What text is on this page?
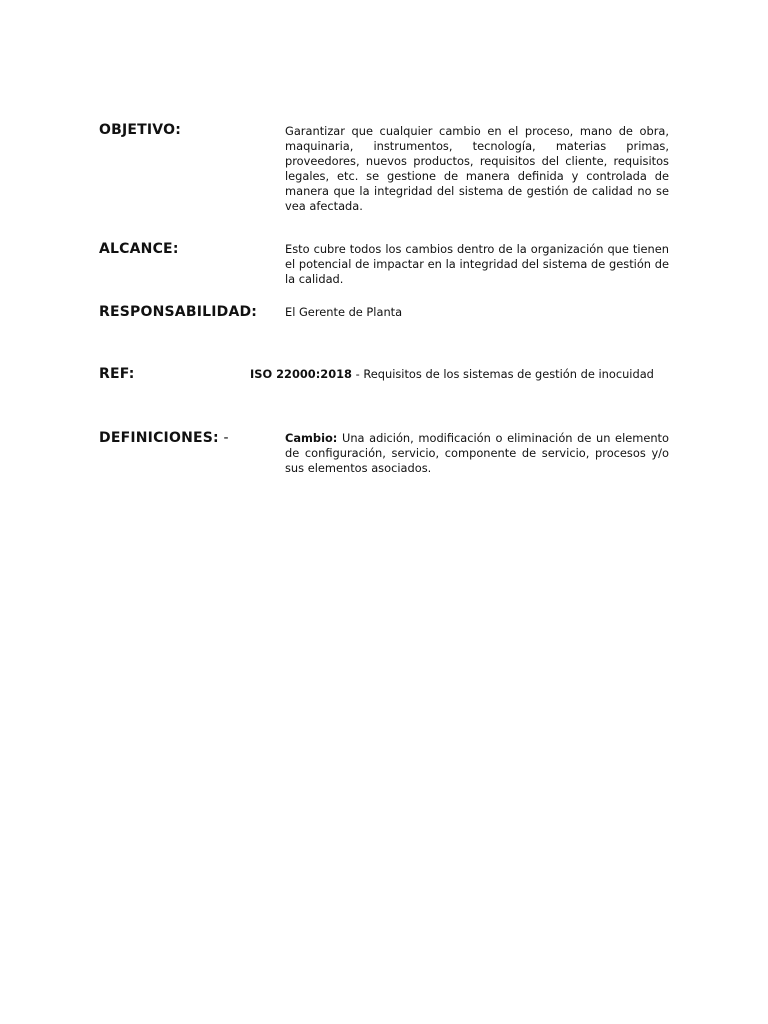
OBJETIVO:	Garantizar que cualquier cambio en el proceso, mano de obra, maquinaria, instrumentos, tecnología, materias primas, proveedores, nuevos productos, requisitos del cliente, requisitos legales, etc. se gestione de manera definida y controlada de manera que la integridad del sistema de gestión de calidad no se vea afectada.
ALCANCE:	Esto cubre todos los cambios dentro de la organización que tienen el potencial de impactar en la integridad del sistema de gestión de la calidad.
RESPONSABILIDAD: El Gerente de Planta
REF:	ISO 22000:2018 - Requisitos de los sistemas de gestión de inocuidad
DEFINICIONES: -	Cambio: Una adición, modificación o eliminación de un elemento de configuración, servicio, componente de servicio, procesos y/o sus elementos asociados.
